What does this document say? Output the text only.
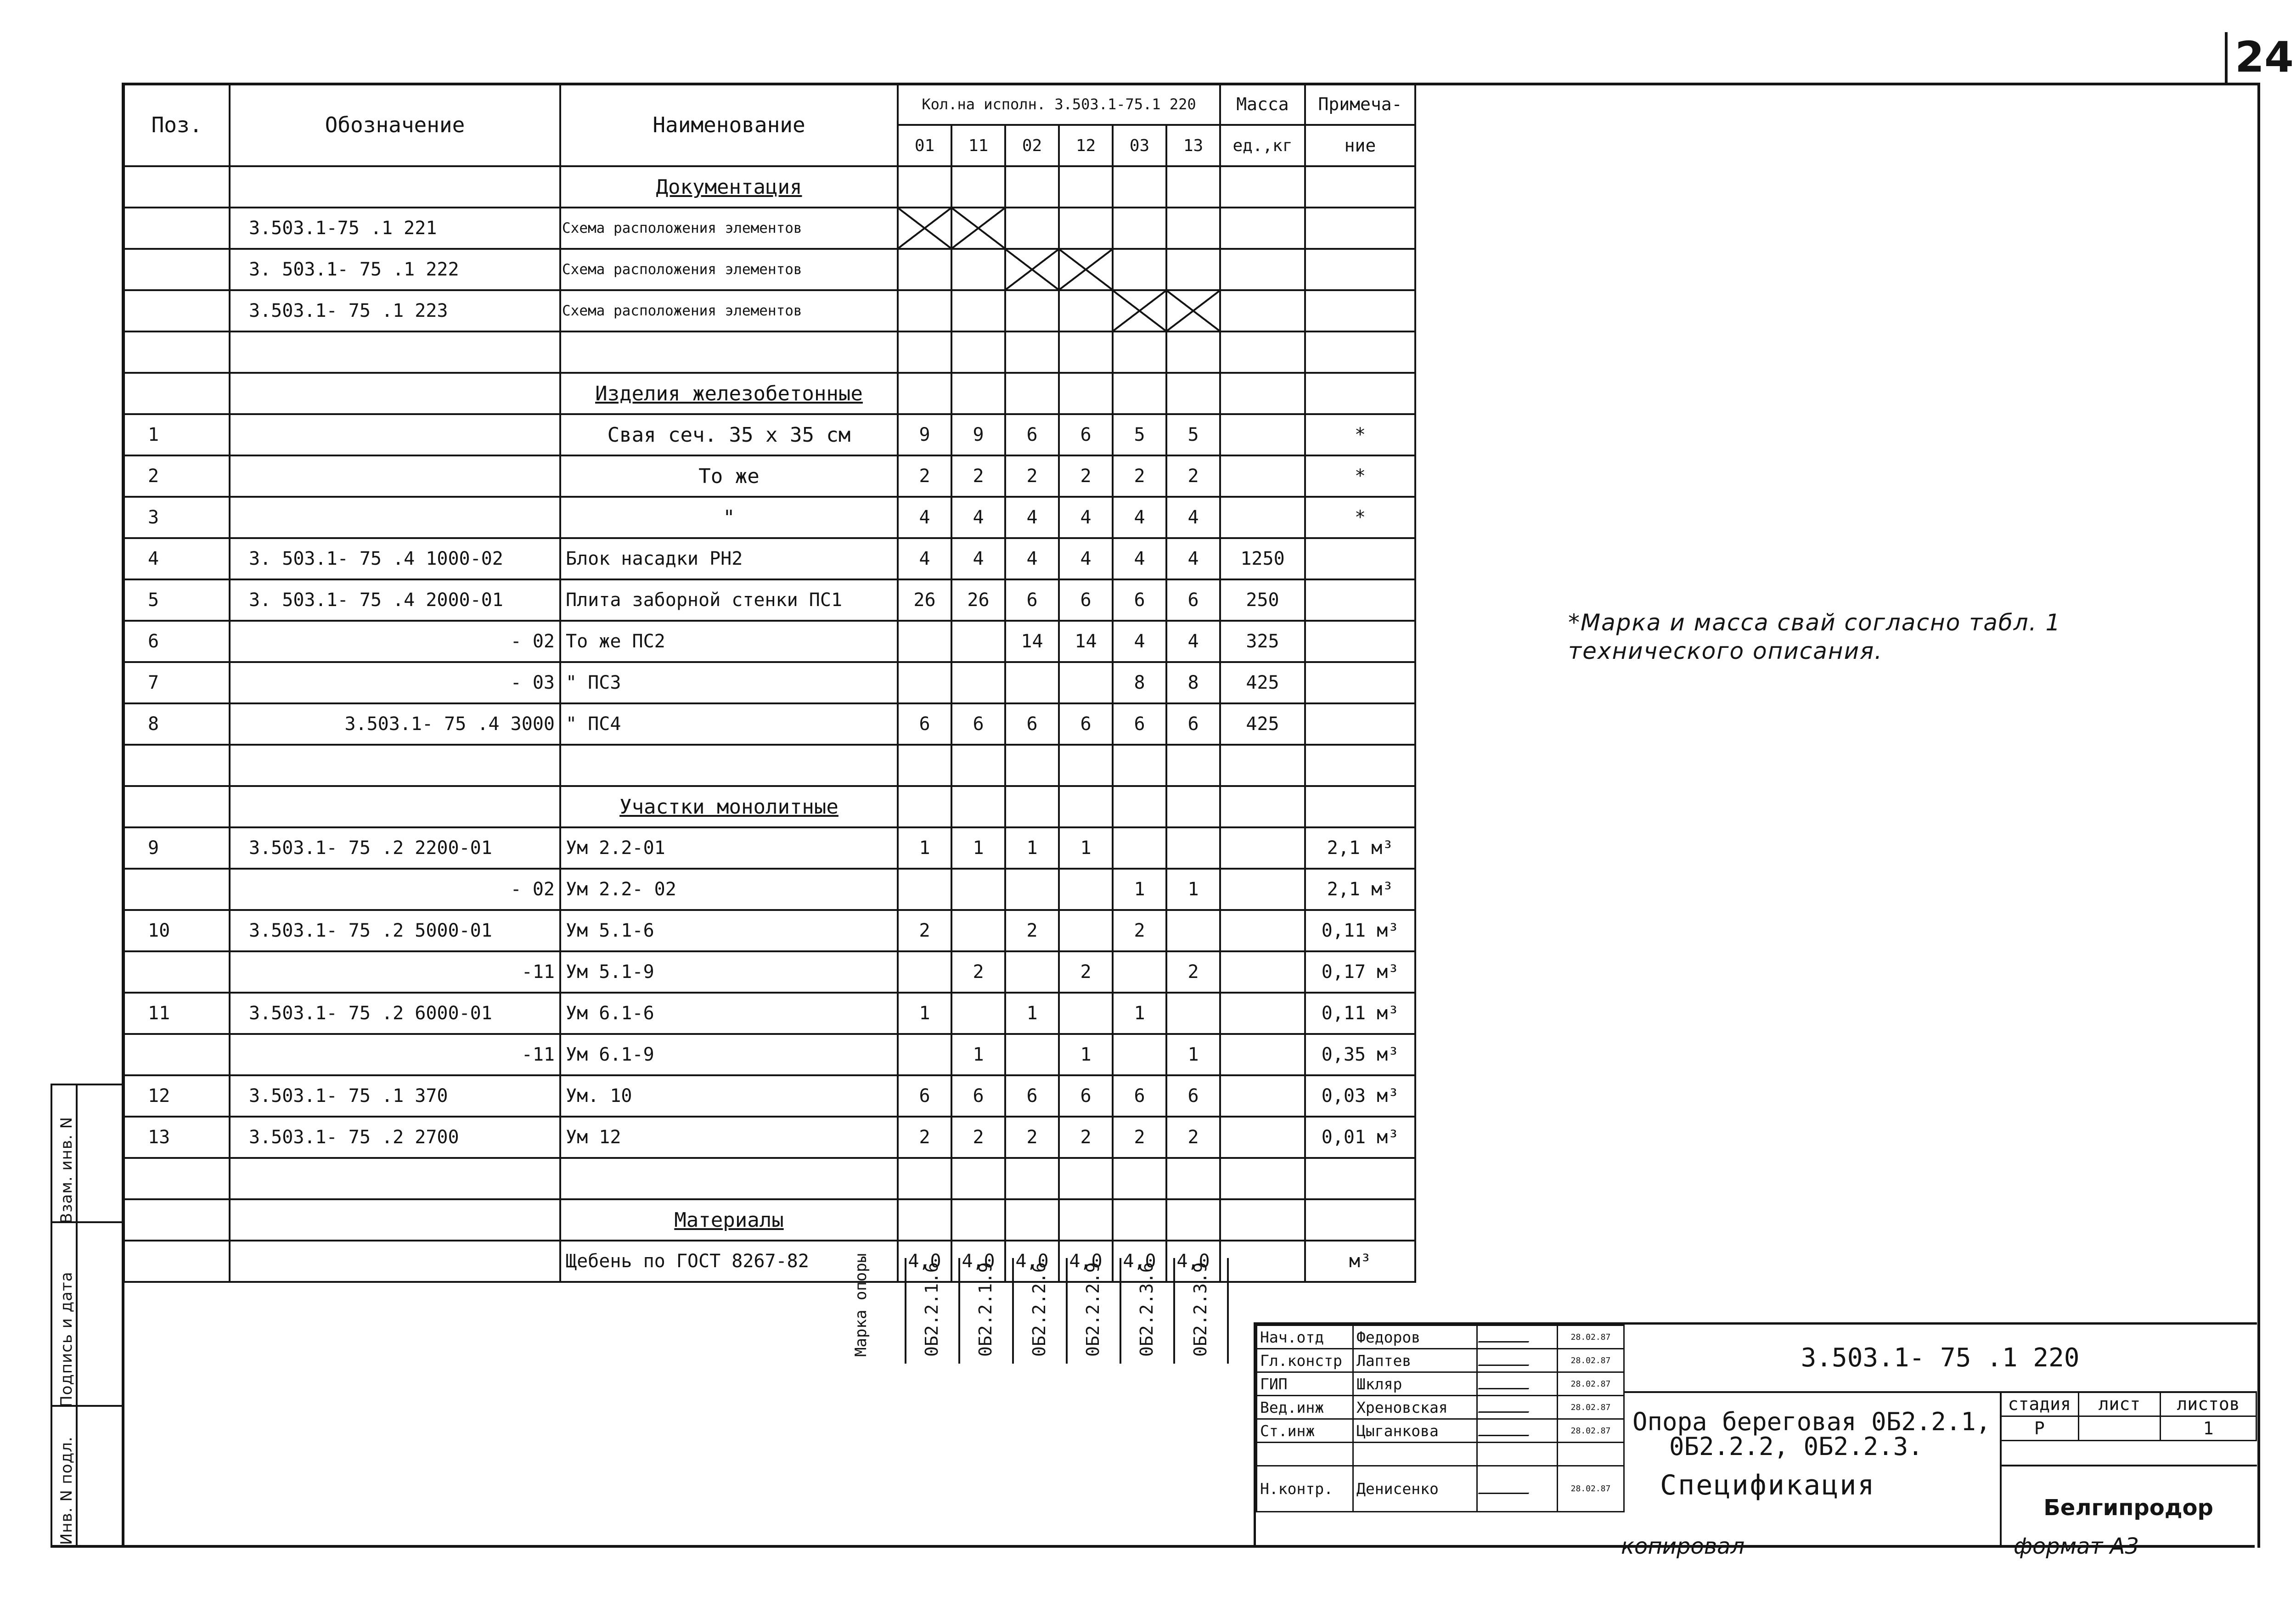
24
Инв. N подл.Подпись и датаВзам. инв. N
Поз.	Обозначение	Наименование	Кол.на исполн. 3.503.1-75.1 220						Масса	Примеча-
			01	11	02	12	03	13	ед.,кг	ние
		Документация								
	3.503.1-75 .1 221	Схема расположения элементов								
	3. 503.1- 75 .1 222	Схема расположения элементов								
	3.503.1- 75 .1 223	Схема расположения элементов								

		Изделия железобетонные								
1		Свая сеч. 35 х 35 см	9	9	6	6	5	5		*
2		То же	2	2	2	2	2	2		*
3		"	4	4	4	4	4	4		*
4	3. 503.1- 75 .4 1000-02	Блок насадки РН2	4	4	4	4	4	4	1250	
5	3. 503.1- 75 .4 2000-01	Плита заборной стенки ПС1	26	26	6	6	6	6	250	
6	- 02	То же ПС2			14	14	4	4	325	
7	- 03	" ПС3					8	8	425	
8	3.503.1- 75 .4 3000	" ПС4	6	6	6	6	6	6	425	

		Участки монолитные								
9	3.503.1- 75 .2 2200-01	Ум 2.2-01	1	1	1	1				2,1 м³
	- 02	Ум 2.2- 02					1	1		2,1 м³
10	3.503.1- 75 .2 5000-01	Ум 5.1-6	2		2		2			0,11 м³
	-11	Ум 5.1-9		2		2		2		0,17 м³
11	3.503.1- 75 .2 6000-01	Ум 6.1-6	1		1		1			0,11 м³
	-11	Ум 6.1-9		1		1		1		0,35 м³
12	3.503.1- 75 .1 370	Ум. 10	6	6	6	6	6	6		0,03 м³
13	3.503.1- 75 .2 2700	Ум 12	2	2	2	2	2	2		0,01 м³

		Материалы								
		Щебень по ГОСТ 8267-82	4,0	4,0	4,0	4,0	4,0	4,0		м³
Марка опоры	0Б2.2.1.6 0Б2.2.1.9 0Б2.2.2.6 0Б2.2.2.9 0Б2.2.3.6 0Б2.2.3.9
*Марка и масса свай согласно табл. 1 технического описания.
Нач.отд	Федоров		28.02.87
Гл.констр	Лаптев		28.02.87
ГИП	Шкляр		28.02.87
Вед.инж	Хреновская		28.02.87
Ст.инж	Цыганкова		28.02.87

Н.контр.	Денисенко		28.02.87
3.503.1- 75 .1 220
Опора береговая 0Б2.2.1,
0Б2.2.2, 0Б2.2.3.
Спецификация
стадия	лист	листов
Р		1
Белгипродор
копировал	формат А3
